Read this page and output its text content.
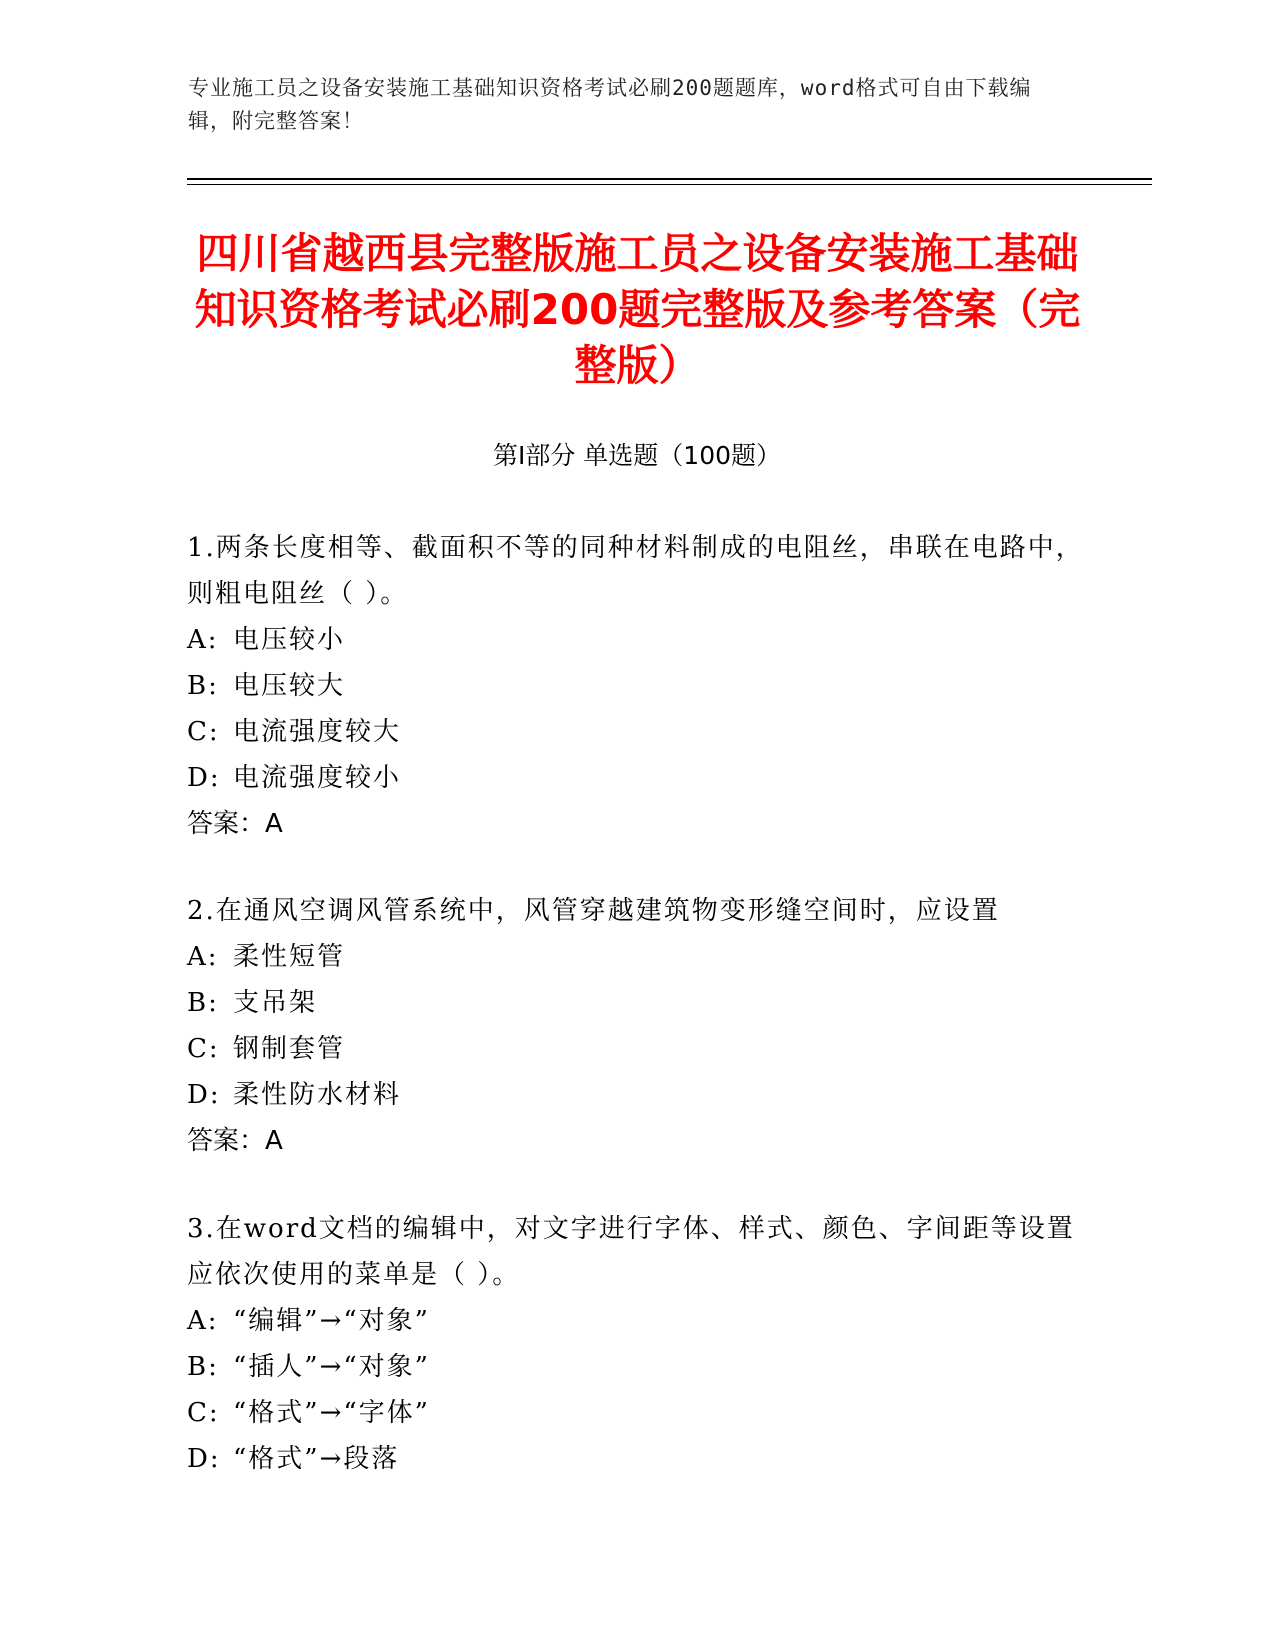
专业施工员之设备安装施工基础知识资格考试必刷200题题库，word格式可自由下载编辑，附完整答案！
四川省越西县完整版施工员之设备安装施工基础知识资格考试必刷200题完整版及参考答案（完整版）
第Ⅰ部分 单选题（100题）

1.两条长度相等、截面积不等的同种材料制成的电阻丝，串联在电路中，则粗电阻丝（ ）。

A: 电压较小

B: 电压较大

C: 电流强度较大

D: 电流强度较小

答案：A

2.在通风空调风管系统中，风管穿越建筑物变形缝空间时，应设置

A: 柔性短管

B: 支吊架

C: 钢制套管

D: 柔性防水材料

答案：A

3.在word文档的编辑中，对文字进行字体、样式、颜色、字间距等设置应依次使用的菜单是（ ）。

A: “编辑”→“对象”

B: “插人”→“对象”

C: “格式”→“字体”

D: “格式”→段落
